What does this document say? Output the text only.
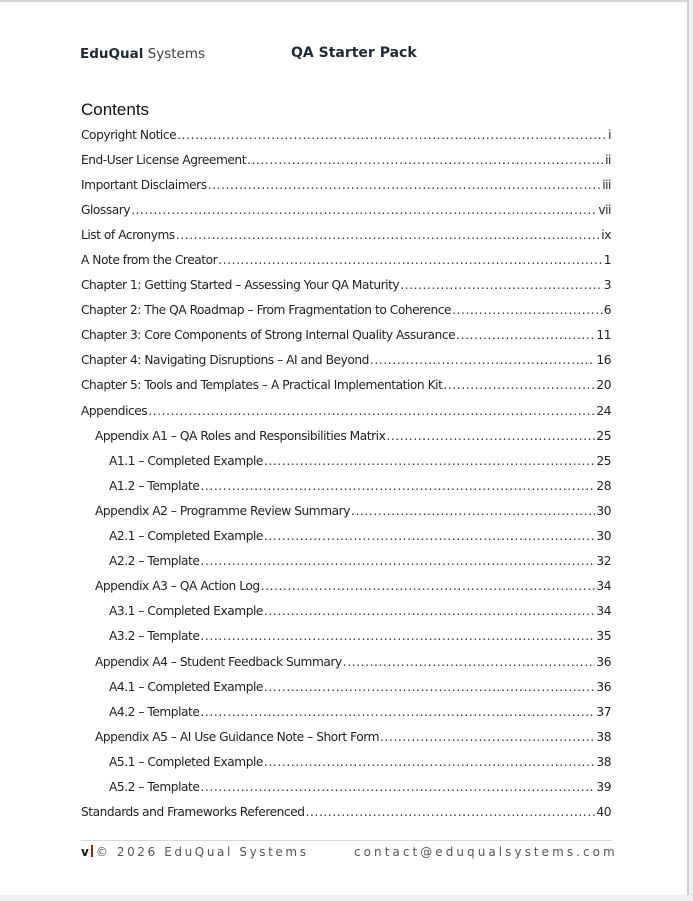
EduQual Systems	QA Starter Pack
Contents
Copyright Notice .....	i
End-User License Agreement .....	ii
Important Disclaimers .....	iii
Glossary .....	vii
List of Acronyms .....	ix
A Note from the Creator .....	1
Chapter 1: Getting Started – Assessing Your QA Maturity .....	3
Chapter 2: The QA Roadmap – From Fragmentation to Coherence .....	6
Chapter 3: Core Components of Strong Internal Quality Assurance .....	11
Chapter 4: Navigating Disruptions – AI and Beyond .....	16
Chapter 5: Tools and Templates – A Practical Implementation Kit .....	20
Appendices .....	24
Appendix A1 – QA Roles and Responsibilities Matrix .....	25
A1.1 – Completed Example .....	25
A1.2 – Template .....	28
Appendix A2 – Programme Review Summary .....	30
A2.1 – Completed Example .....	30
A2.2 – Template .....	32
Appendix A3 – QA Action Log .....	34
A3.1 – Completed Example .....	34
A3.2 – Template .....	35
Appendix A4 – Student Feedback Summary .....	36
A4.1 – Completed Example .....	36
A4.2 – Template .....	37
Appendix A5 – AI Use Guidance Note – Short Form .....	38
A5.1 – Completed Example .....	38
A5.2 – Template .....	39
Standards and Frameworks Referenced .....	40
v © 2026 EduQual Systems	contact@eduqualsystems.com
